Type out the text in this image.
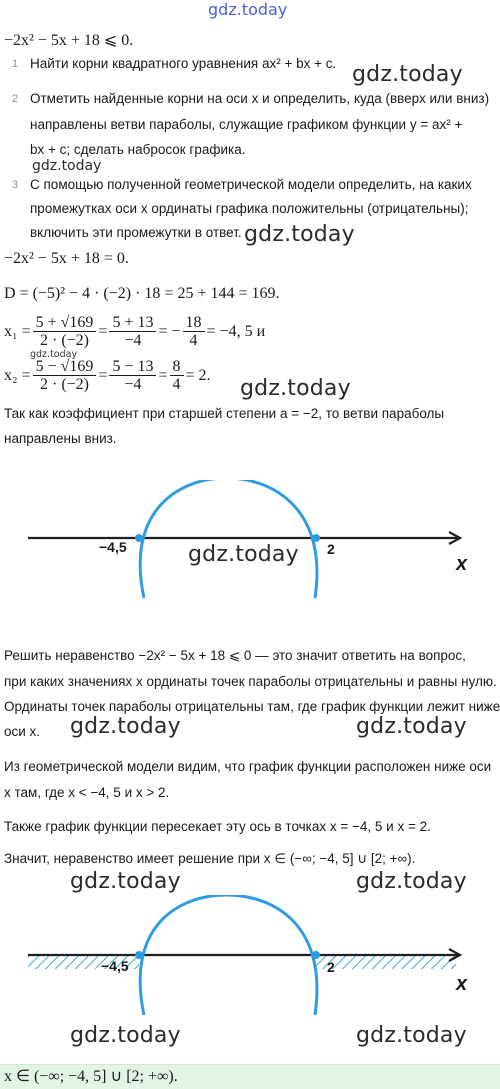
gdz.today
−2x² − 5x + 18 ⩽ 0.
1 Найти корни квадратного уравнения ax² + bx + c. gdz.today
2 Отметить найденные корни на оси x и определить, куда (вверх или вниз)
направлены ветви параболы, служащие графиком функции y = ax² +
bx + c; сделать набросок графика.
gdz.today
3 С помощью полученной геометрической модели определить, на каких
промежутках оси x ординаты графика положительны (отрицательны);
включить эти промежутки в ответ. gdz.today
−2x² − 5x + 18 = 0.
D = (−5)² − 4 · (−2) · 18 = 25 + 144 = 169.
$x_1 = \frac{5 + √169}{2 \cdot (-2)} = \frac{5 + 13}{-4}$ = − $\frac{18}{4} = -4$, 5 и
gdz.today
$x_2 = \frac{5 - √169}{2 \cdot (-2)} = \frac{5 - 13}{-4} = \frac{8}{4} = 2$.
gdz.today
Так как коэффициент при старшей степени a = −2, то ветви параболы
направлены вниз.
−4,5	2
x
gdz.today
Решить неравенство −2x² − 5x + 18 ⩽ 0 — это значит ответить на вопрос,
при каких значениях x ординаты точек параболы отрицательны и равны нулю.
Ординаты точек параболы отрицательны там, где график функции лежит ниже
оси x. gdz.today	gdz.today
Из геометрической модели видим, что график функции расположен ниже оси
x там, где x < −4, 5 и x > 2.
Также график функции пересекает эту ось в точках x = −4, 5 и x = 2.
Значит, неравенство имеет решение при x ∈ (−∞; −4, 5] ∪ [2; +∞).
gdz.today	gdz.today
−4,5	2
x
gdz.today	gdz.today
x ∈ (−∞; −4, 5] ∪ [2; +∞).
